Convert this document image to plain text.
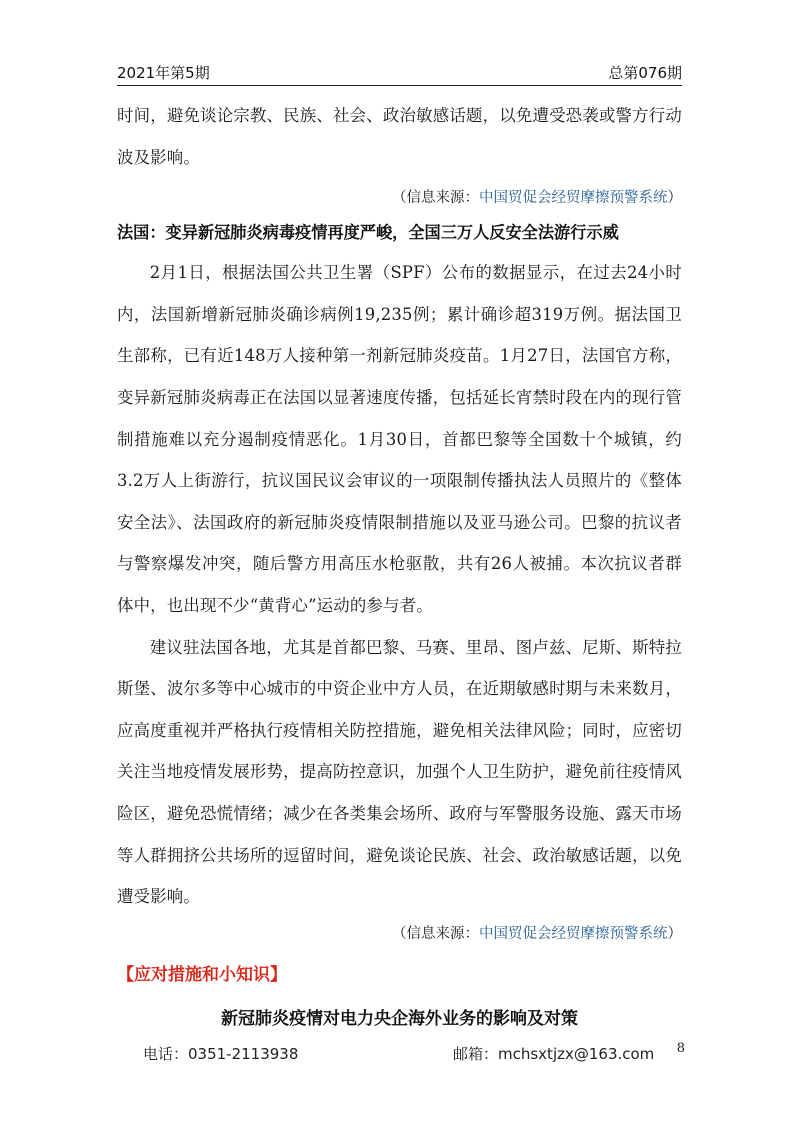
2021年第5期	总第076期

时间，避免谈论宗教、民族、社会、政治敏感话题，以免遭受恐袭或警方行动波及影响。

（信息来源：中国贸促会经贸摩擦预警系统）

法国：变异新冠肺炎病毒疫情再度严峻，全国三万人反安全法游行示威

2月1日，根据法国公共卫生署（SPF）公布的数据显示，在过去24小时内，法国新增新冠肺炎确诊病例19,235例；累计确诊超319万例。据法国卫生部称，已有近148万人接种第一剂新冠肺炎疫苗。1月27日，法国官方称，变异新冠肺炎病毒正在法国以显著速度传播，包括延长宵禁时段在内的现行管制措施难以充分遏制疫情恶化。1月30日，首都巴黎等全国数十个城镇，约3.2万人上街游行，抗议国民议会审议的一项限制传播执法人员照片的《整体安全法》、法国政府的新冠肺炎疫情限制措施以及亚马逊公司。巴黎的抗议者与警察爆发冲突，随后警方用高压水枪驱散，共有26人被捕。本次抗议者群体中，也出现不少“黄背心”运动的参与者。

建议驻法国各地，尤其是首都巴黎、马赛、里昂、图卢兹、尼斯、斯特拉斯堡、波尔多等中心城市的中资企业中方人员，在近期敏感时期与未来数月，应高度重视并严格执行疫情相关防控措施，避免相关法律风险；同时，应密切关注当地疫情发展形势，提高防控意识，加强个人卫生防护，避免前往疫情风险区，避免恐慌情绪；减少在各类集会场所、政府与军警服务设施、露天市场等人群拥挤公共场所的逗留时间，避免谈论民族、社会、政治敏感话题，以免遭受影响。

（信息来源：中国贸促会经贸摩擦预警系统）

【应对措施和小知识】

新冠肺炎疫情对电力央企海外业务的影响及对策

电话：0351-2113938	邮箱：mchsxtjzx@163.com 8
